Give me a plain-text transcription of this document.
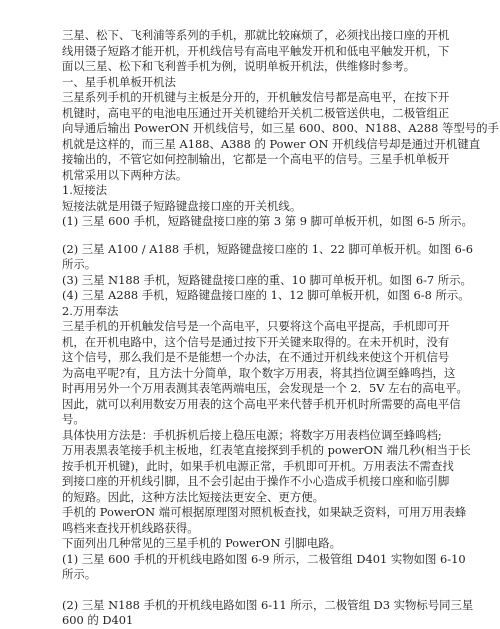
三星、松下、飞利浦等系列的手机，那就比较麻烦了，必须找出接口座的开机
线用镊子短路才能开机，开机线信号有高电平触发开机和低电平触发开机，下
面以三星、松下和飞利普手机为例，说明单板开机法，供维修时参考。
一、星手机单板开机法
三星系列手机的开机键与主板是分开的，开机触发信号都是高电平，在按下开
机键时，高电平的电池电压通过开关机键给开关机二极管送供电，二极管组正
向导通后输出 PowerON 开机线信号，如三星 600、800、N188、A288 等型号的手
机就是这样的，而三星 A188、A388 的 Power ON 开机线信号却是通过开机键直
接输出的，不管它如何控制输出，它都是一个高电平的信号。三星手机单板开
机常采用以下两种方法。
1.短接法
短接法就是用镊子短路键盘接口座的开关机线。
(1) 三星 600 手机，短路键盘接口座的第 3 第 9 脚可单板开机，如图 6-5 所示。
(2) 三星 A100 / A188 手机，短路键盘接口座的 1、22 脚可单板开机。如图 6-6
所示。
(3) 三星 N188 手机，短路键盘接口座的重、10 脚可单板开机。如图 6-7 所示。
(4) 三星 A288 手机，短路键盘接口座的 1、12 脚可单板开机，如图 6-8 所示。
2.万用奉法
三星手机的开机触发信号是一个高电平，只要将这个高电平提高，手机即可开
机，在开机电路中，这个信号是通过按下开关键来取得的。在未开机时，没有
这个信号，那么我们是不是能想一个办法，在不通过开机线来使这个开机信号
为高电平呢?有，且方法十分简单，取个数字万用表，将其挡位调至蜂鸣挡，这
时再用另外一个万用表测其表笔两端电压，会发现是一个 2．5V 左右的高电平。
因此，就可以利用数安万用表的这个高电平来代替手机开机时所需要的高电平信
号。
具体快用方法是：手机拆机后接上稳压电源；将数字万用表档位调至蜂鸣档;
万用表黑表笔接手机主板地，红表笔直接探到手机的 powerON 端几秒(相当于长
按手机开机键)，此时，如果手机电源正常，手机即可开机。万用表法不需查找
到接口座的开机线引脚，且不会引起由于操作不小心造成手机接口座和临引脚
的短路。因此，这种方法比短接法更安全、更方便。
手机的 PowerON 端可根据原理图对照机板查找，如果缺乏资料，可用万用表蜂
鸣档来查找开机线路获得。
下面列出几种常见的三星手机的 PowerON 引脚电路。
(1) 三星 600 手机的开机线电路如图 6-9 所示，二极管组 D401 实物如图 6-10
所示。
(2) 三星 N188 手机的开机线电路如图 6-11 所示，二极管组 D3 实物标号同三星
600 的 D401
